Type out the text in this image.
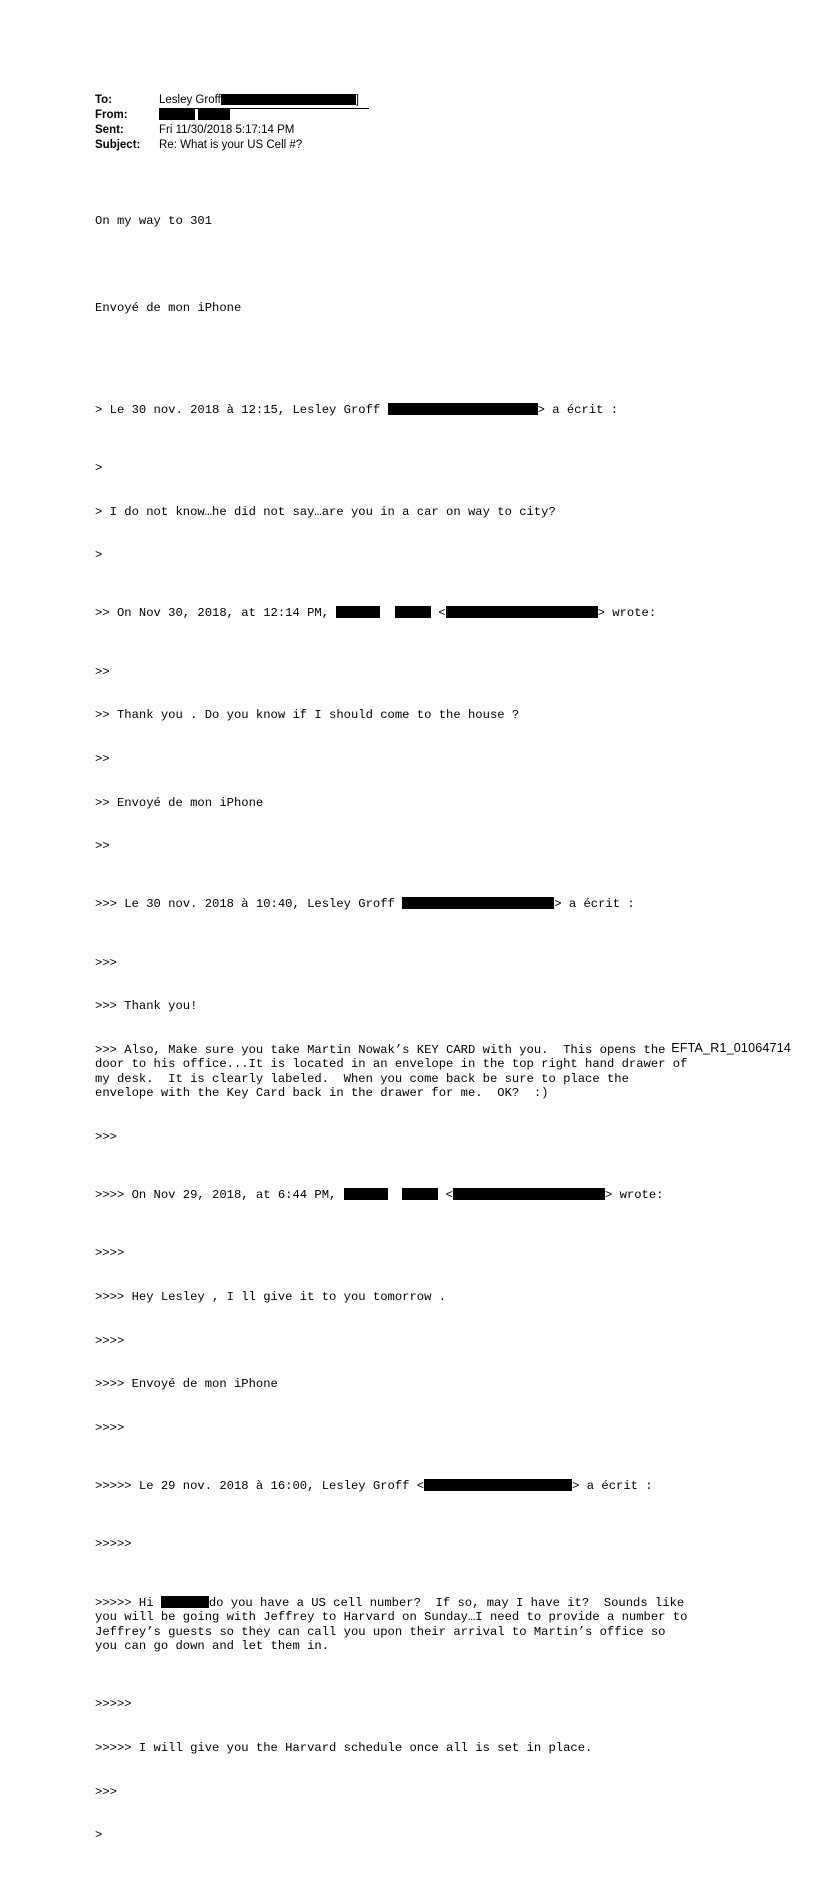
To:	Lesley Groff	]
From:

Sent:	Fri 11/30/2018 5:17:14 PM
Subject:	Re: What is your US Cell #?

On my way to 301

Envoyé de mon iPhone

> Le 30 nov. 2018 à 12:15, Lesley Groff	> a écrit :

>

> I do not know…he did not say…are you in a car on way to city?

>

>> On Nov 30, 2018, at 12:14 PM,	<	> wrote:

>>

>> Thank you . Do you know if I should come to the house ?

>>

>> Envoyé de mon iPhone

>>

>>> Le 30 nov. 2018 à 10:40, Lesley Groff	> a écrit :

>>>

>>> Thank you!

>>> Also, Make sure you take Martin Nowak’s KEY CARD with you.  This opens the
door to his office...It is located in an envelope in the top right hand drawer of
my desk.  It is clearly labeled.  When you come back be sure to place the
envelope with the Key Card back in the drawer for me.  OK?  :)

>>>

>>>> On Nov 29, 2018, at 6:44 PM,	<	> wrote:

>>>>

>>>> Hey Lesley , I ll give it to you tomorrow .

>>>>

>>>> Envoyé de mon iPhone

>>>>

>>>>> Le 29 nov. 2018 à 16:00, Lesley Groff <	> a écrit :

>>>>>

>>>>> Hi	do you have a US cell number?  If so, may I have it?  Sounds like
you will be going with Jeffrey to Harvard on Sunday…I need to provide a number to
Jeffrey’s guests so they can call you upon their arrival to Martin’s office so
you can go down and let them in.

>>>>>

>>>>> I will give you the Harvard schedule once all is set in place.

>>>

>

EFTA_R1_01064714
